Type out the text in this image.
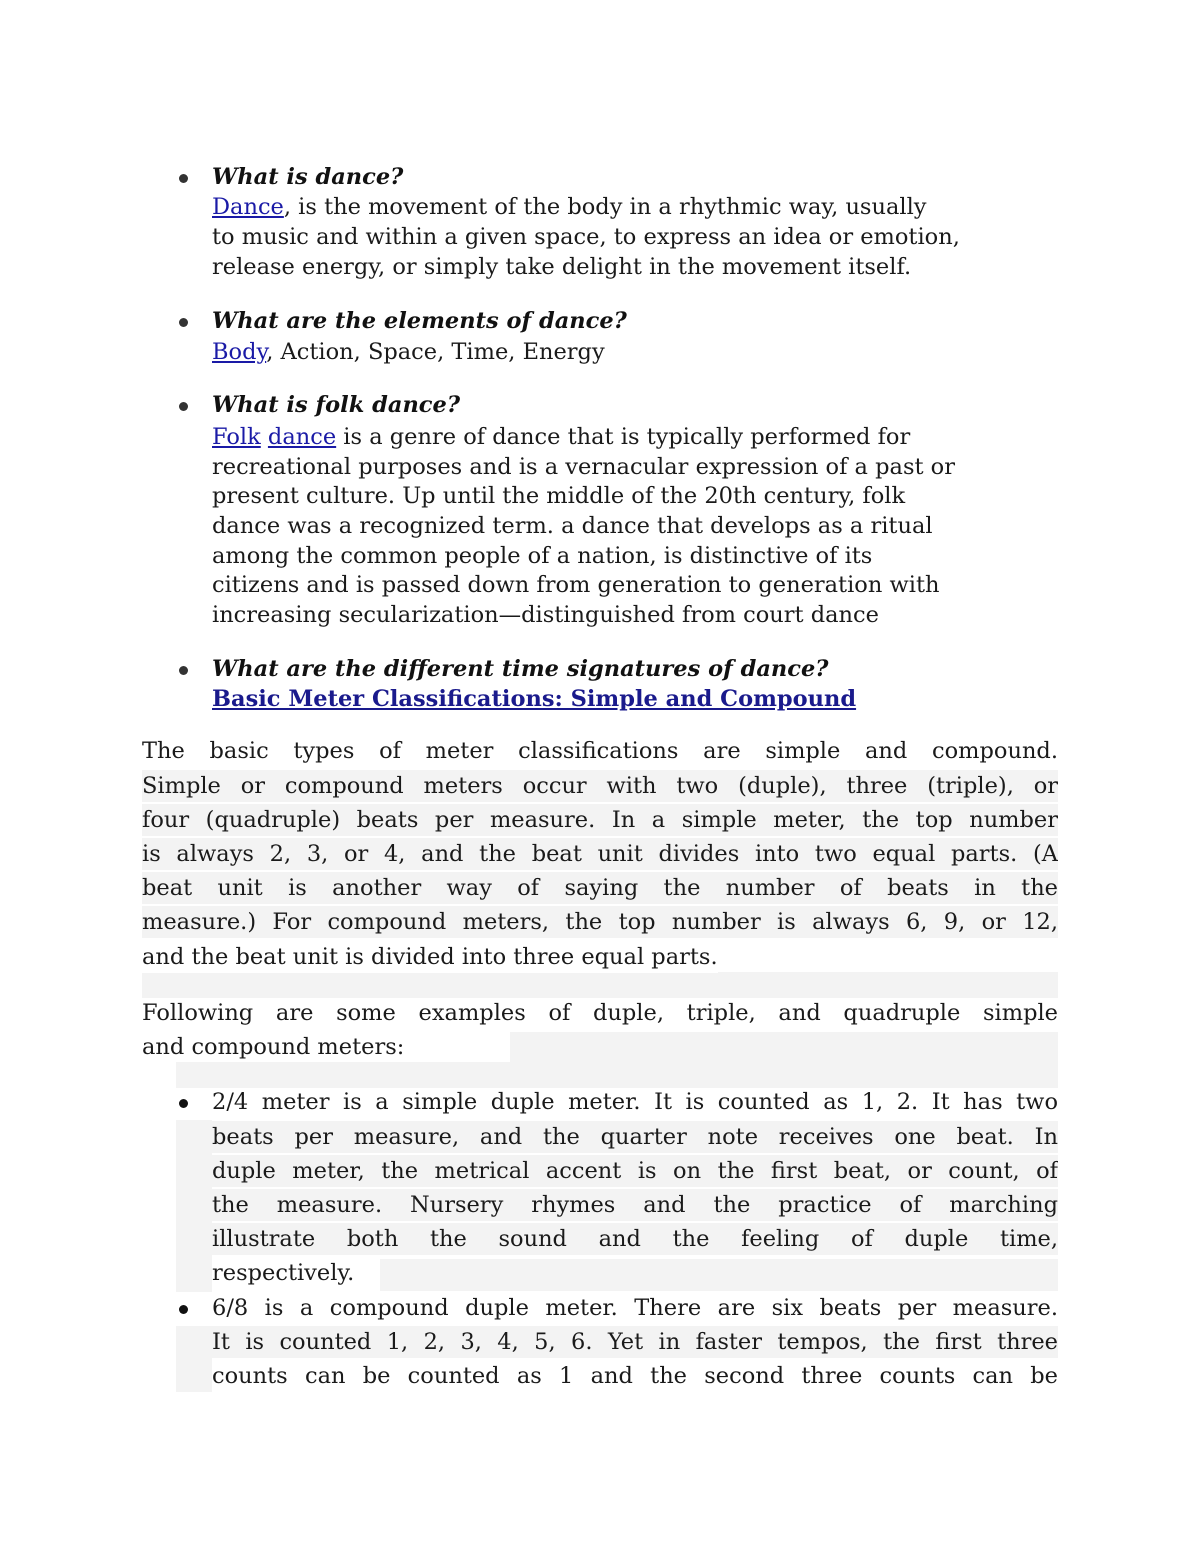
What is dance?
Dance, is the movement of the body in a rhythmic way, usually
to music and within a given space, to express an idea or emotion,
release energy, or simply take delight in the movement itself.
What are the elements of dance?
Body, Action, Space, Time, Energy
What is folk dance?
Folk dance is a genre of dance that is typically performed for
recreational purposes and is a vernacular expression of a past or
present culture. Up until the middle of the 20th century, folk
dance was a recognized term. a dance that develops as a ritual
among the common people of a nation, is distinctive of its
citizens and is passed down from generation to generation with
increasing secularization—distinguished from court dance
What are the different time signatures of dance?
Basic Meter Classifications: Simple and Compound
The basic types of meter classifications are simple and compound.
Simple or compound meters occur with two (duple), three (triple), or
four (quadruple) beats per measure. In a simple meter, the top number
is always 2, 3, or 4, and the beat unit divides into two equal parts. (A
beat unit is another way of saying the number of beats in the
measure.) For compound meters, the top number is always 6, 9, or 12,
and the beat unit is divided into three equal parts.
Following are some examples of duple, triple, and quadruple simple
and compound meters:
2/4 meter is a simple duple meter. It is counted as 1, 2. It has two
beats per measure, and the quarter note receives one beat. In
duple meter, the metrical accent is on the first beat, or count, of
the measure. Nursery rhymes and the practice of marching
illustrate both the sound and the feeling of duple time,
respectively.
6/8 is a compound duple meter. There are six beats per measure.
It is counted 1, 2, 3, 4, 5, 6. Yet in faster tempos, the first three
counts can be counted as 1 and the second three counts can be
